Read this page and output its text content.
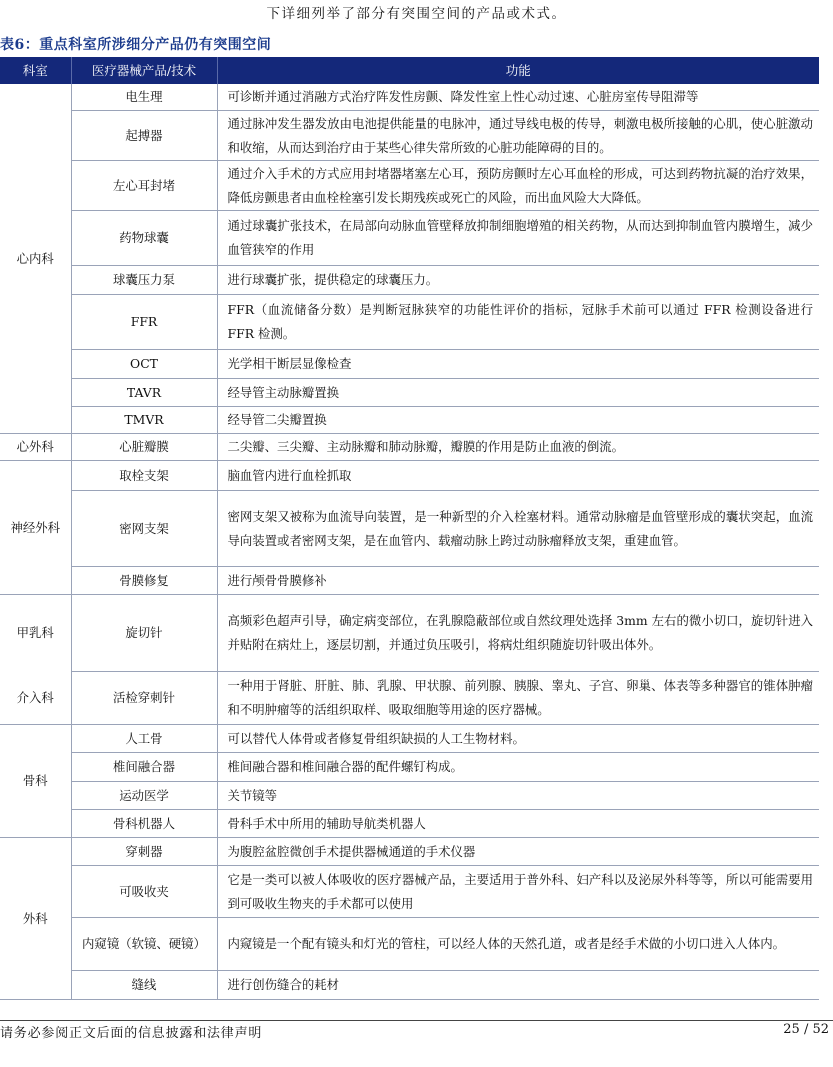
下详细列举了部分有突围空间的产品或术式。
表6：重点科室所涉细分产品仍有突围空间
科室	医疗器械产品/技术	功能
心内科	电生理	可诊断并通过消融方式治疗阵发性房颤、降发性室上性心动过速、心脏房室传导阻滞等
	起搏器	通过脉冲发生器发放由电池提供能量的电脉冲，通过导线电极的传导，刺激电极所接触的心肌，使心脏激动和收缩，从而达到治疗由于某些心律失常所致的心脏功能障碍的目的。
	左心耳封堵	通过介入手术的方式应用封堵器堵塞左心耳，预防房颤时左心耳血栓的形成，可达到药物抗凝的治疗效果，降低房颤患者由血栓栓塞引发长期残疾或死亡的风险，而出血风险大大降低。
	药物球囊	通过球囊扩张技术，在局部向动脉血管壁释放抑制细胞增殖的相关药物，从而达到抑制血管内膜增生，减少血管狭窄的作用
	球囊压力泵	进行球囊扩张，提供稳定的球囊压力。
	FFR	FFR（血流储备分数）是判断冠脉狭窄的功能性评价的指标，冠脉手术前可以通过 FFR 检测设备进行 FFR 检测。
	OCT	光学相干断层显像检查
	TAVR	经导管主动脉瓣置换
	TMVR	经导管二尖瓣置换
心外科	心脏瓣膜	二尖瓣、三尖瓣、主动脉瓣和肺动脉瓣，瓣膜的作用是防止血液的倒流。
神经外科	取栓支架	脑血管内进行血栓抓取
	密网支架	密网支架又被称为血流导向装置，是一种新型的介入栓塞材料。通常动脉瘤是血管壁形成的囊状突起，血流导向装置或者密网支架，是在血管内、载瘤动脉上跨过动脉瘤释放支架，重建血管。
	骨膜修复	进行颅骨骨膜修补
甲乳科	旋切针	高频彩色超声引导，确定病变部位，在乳腺隐蔽部位或自然纹理处选择 3mm 左右的微小切口，旋切针进入并贴附在病灶上，逐层切割，并通过负压吸引，将病灶组织随旋切针吸出体外。
介入科	活检穿刺针	一种用于肾脏、肝脏、肺、乳腺、甲状腺、前列腺、胰腺、睾丸、子宫、卵巢、体表等多种器官的锥体肿瘤和不明肿瘤等的活组织取样、吸取细胞等用途的医疗器械。
骨科	人工骨	可以替代人体骨或者修复骨组织缺损的人工生物材料。
	椎间融合器	椎间融合器和椎间融合器的配件螺钉构成。
	运动医学	关节镜等
	骨科机器人	骨科手术中所用的辅助导航类机器人
外科	穿刺器	为腹腔盆腔微创手术提供器械通道的手术仪器
	可吸收夹	它是一类可以被人体吸收的医疗器械产品，主要适用于普外科、妇产科以及泌尿外科等等，所以可能需要用到可吸收生物夹的手术都可以使用
	内窥镜（软镜、硬镜）	内窥镜是一个配有镜头和灯光的管柱，可以经人体的天然孔道，或者是经手术做的小切口进入人体内。
	缝线	进行创伤缝合的耗材
请务必参阅正文后面的信息披露和法律声明	25 / 52
